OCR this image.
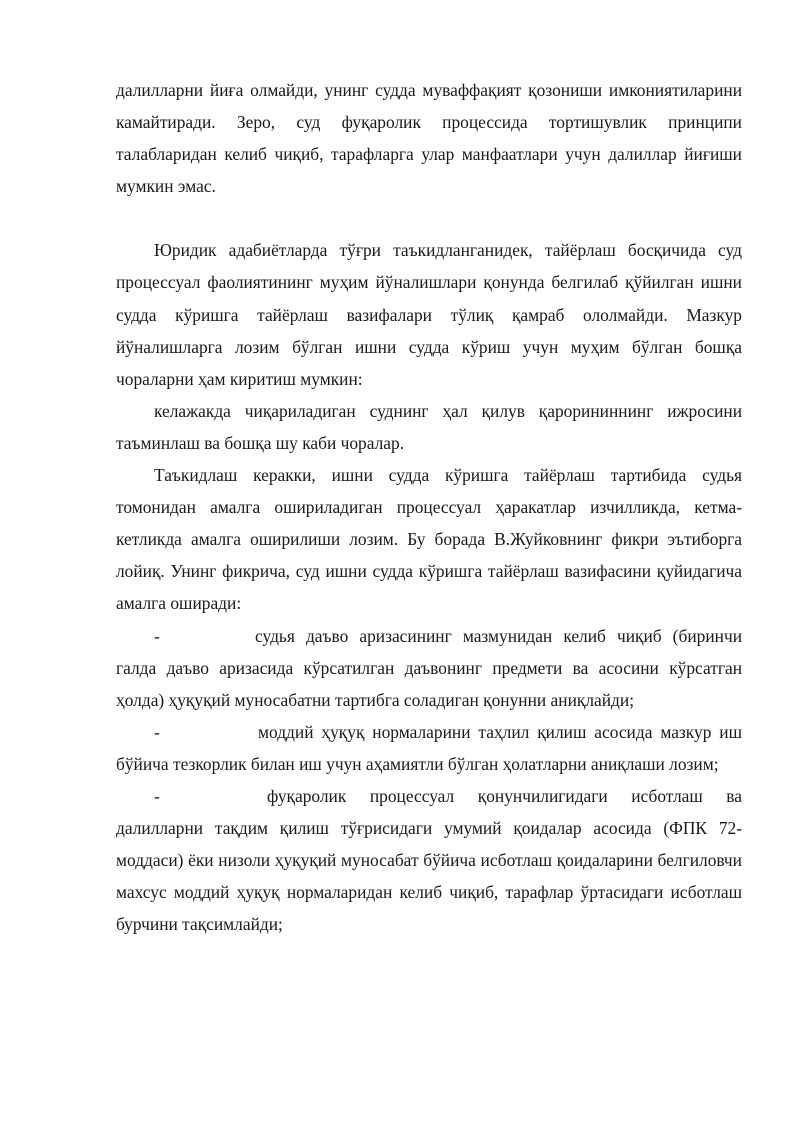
далилларни йиға олмайди, унинг судда муваффақият қозониши имкониятиларини камайтиради. Зеро, суд фуқаролик процессида тортишувлик принципи талабларидан келиб чиқиб, тарафларга улар манфаатлари учун далиллар йиғиши мумкин эмас.

Юридик адабиётларда тўғри таъкидланганидек, тайёрлаш босқичида суд процессуал фаолиятининг муҳим йўналишлари қонунда белгилаб қўйилган ишни судда кўришга тайёрлаш вазифалари тўлиқ қамраб ололмайди. Мазкур йўналишларга лозим бўлган ишни судда кўриш учун муҳим бўлган бошқа чораларни ҳам киритиш мумкин:

келажакда чиқариладиган суднинг ҳал қилув қарорининнинг ижросини таъминлаш ва бошқа шу каби чоралар.

Таъкидлаш керакки, ишни судда кўришга тайёрлаш тартибида судья томонидан амалга ошириладиган процессуал ҳаракатлар изчилликда, кетма-кетликда амалга оширилиши лозим. Бу борада В.Жуйковнинг фикри эътиборга лойиқ. Унинг фикрича, суд ишни судда кўришга тайёрлаш вазифасини қуйидагича амалга оширади:

-	судья даъво аризасининг мазмунидан келиб чиқиб (биринчи галда даъво аризасида кўрсатилган даъвонинг предмети ва асосини кўрсатган ҳолда) ҳуқуқий муносабатни тартибга соладиган қонунни аниқлайди;

-	моддий ҳуқуқ нормаларини таҳлил қилиш асосида мазкур иш бўйича тезкорлик билан иш учун аҳамиятли бўлган ҳолатларни аниқлаши лозим;

-	фуқаролик процессуал қонунчилигидаги исботлаш ва далилларни тақдим қилиш тўғрисидаги умумий қоидалар асосида (ФПК 72-моддаси) ёки низоли ҳуқуқий муносабат бўйича исботлаш қоидаларини белгиловчи махсус моддий ҳуқуқ нормаларидан келиб чиқиб, тарафлар ўртасидаги исботлаш бурчини тақсимлайди;
